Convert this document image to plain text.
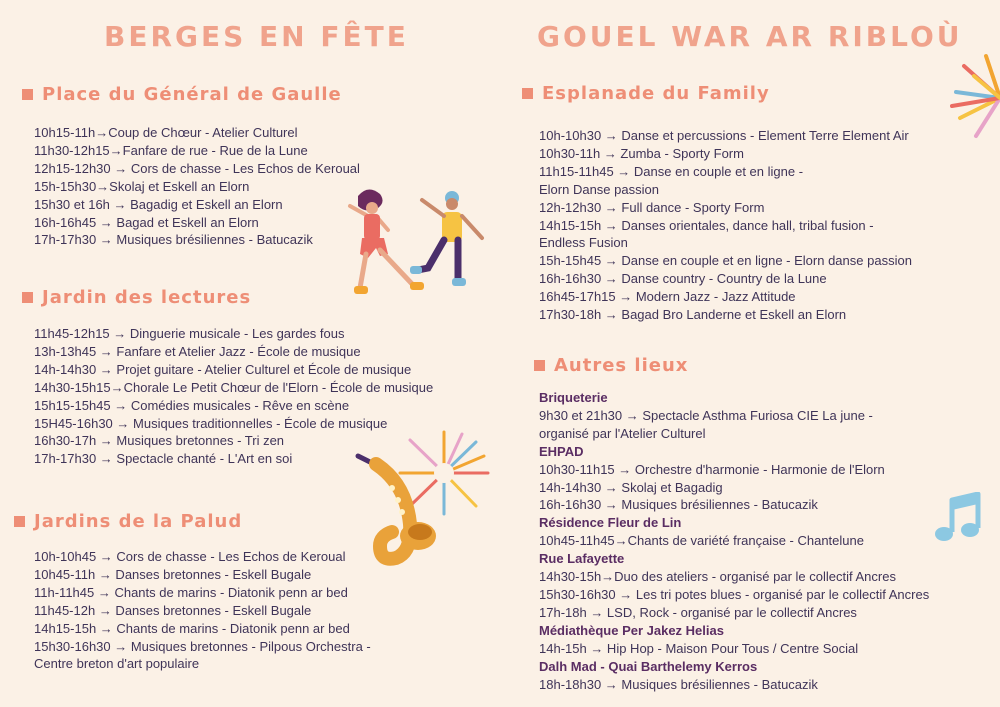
BERGES EN FÊTE	GOUEL WAR AR RIBLOÙ
Place du Général de Gaulle
10h15-11h→Coup de Chœur - Atelier Culturel
11h30-12h15→Fanfare de rue - Rue de la Lune
12h15-12h30 → Cors de chasse - Les Echos de Keroual
15h-15h30→Skolaj et Eskell an Elorn
15h30 et 16h → Bagadig et Eskell an Elorn
16h-16h45 → Bagad et Eskell an Elorn
17h-17h30 → Musiques brésiliennes - Batucazik
Jardin des lectures
11h45-12h15 → Dinguerie musicale - Les gardes fous
13h-13h45 → Fanfare et Atelier Jazz - École de musique
14h-14h30 → Projet guitare - Atelier Culturel et École de musique
14h30-15h15→Chorale Le Petit Chœur de l'Elorn - École de musique
15h15-15h45 → Comédies musicales - Rêve en scène
15H45-16h30 → Musiques traditionnelles - École de musique
16h30-17h → Musiques bretonnes - Tri zen
17h-17h30 → Spectacle chanté - L'Art en soi
Jardins de la Palud
10h-10h45 → Cors de chasse - Les Echos de Keroual
10h45-11h → Danses bretonnes - Eskell Bugale
11h-11h45 → Chants de marins - Diatonik penn ar bed
11h45-12h → Danses bretonnes - Eskell Bugale
14h15-15h → Chants de marins - Diatonik penn ar bed
15h30-16h30 → Musiques bretonnes - Pilpous Orchestra -
Centre breton d'art populaire
Esplanade du Family
10h-10h30 → Danse et percussions - Element Terre Element Air
10h30-11h → Zumba - Sporty Form
11h15-11h45 → Danse en couple et en ligne -
Elorn Danse passion
12h-12h30 → Full dance - Sporty Form
14h15-15h → Danses orientales, dance hall, tribal fusion -
Endless Fusion
15h-15h45 → Danse en couple et en ligne - Elorn danse passion
16h-16h30 → Danse country - Country de la Lune
16h45-17h15 → Modern Jazz - Jazz Attitude
17h30-18h → Bagad Bro Landerne et Eskell an Elorn
Autres lieux
Briqueterie
9h30 et 21h30 → Spectacle Asthma Furiosa CIE La june -
organisé par l'Atelier Culturel
EHPAD
10h30-11h15 → Orchestre d'harmonie - Harmonie de l'Elorn
14h-14h30 → Skolaj et Bagadig
16h-16h30 → Musiques brésiliennes - Batucazik
Résidence Fleur de Lin
10h45-11h45→Chants de variété française - Chantelune
Rue Lafayette
14h30-15h→Duo des ateliers - organisé par le collectif Ancres
15h30-16h30 → Les tri potes blues - organisé par le collectif Ancres
17h-18h → LSD, Rock - organisé par le collectif Ancres
Médiathèque Per Jakez Helias
14h-15h → Hip Hop - Maison Pour Tous / Centre Social
Dalh Mad - Quai Barthelemy Kerros
18h-18h30 → Musiques brésiliennes - Batucazik
